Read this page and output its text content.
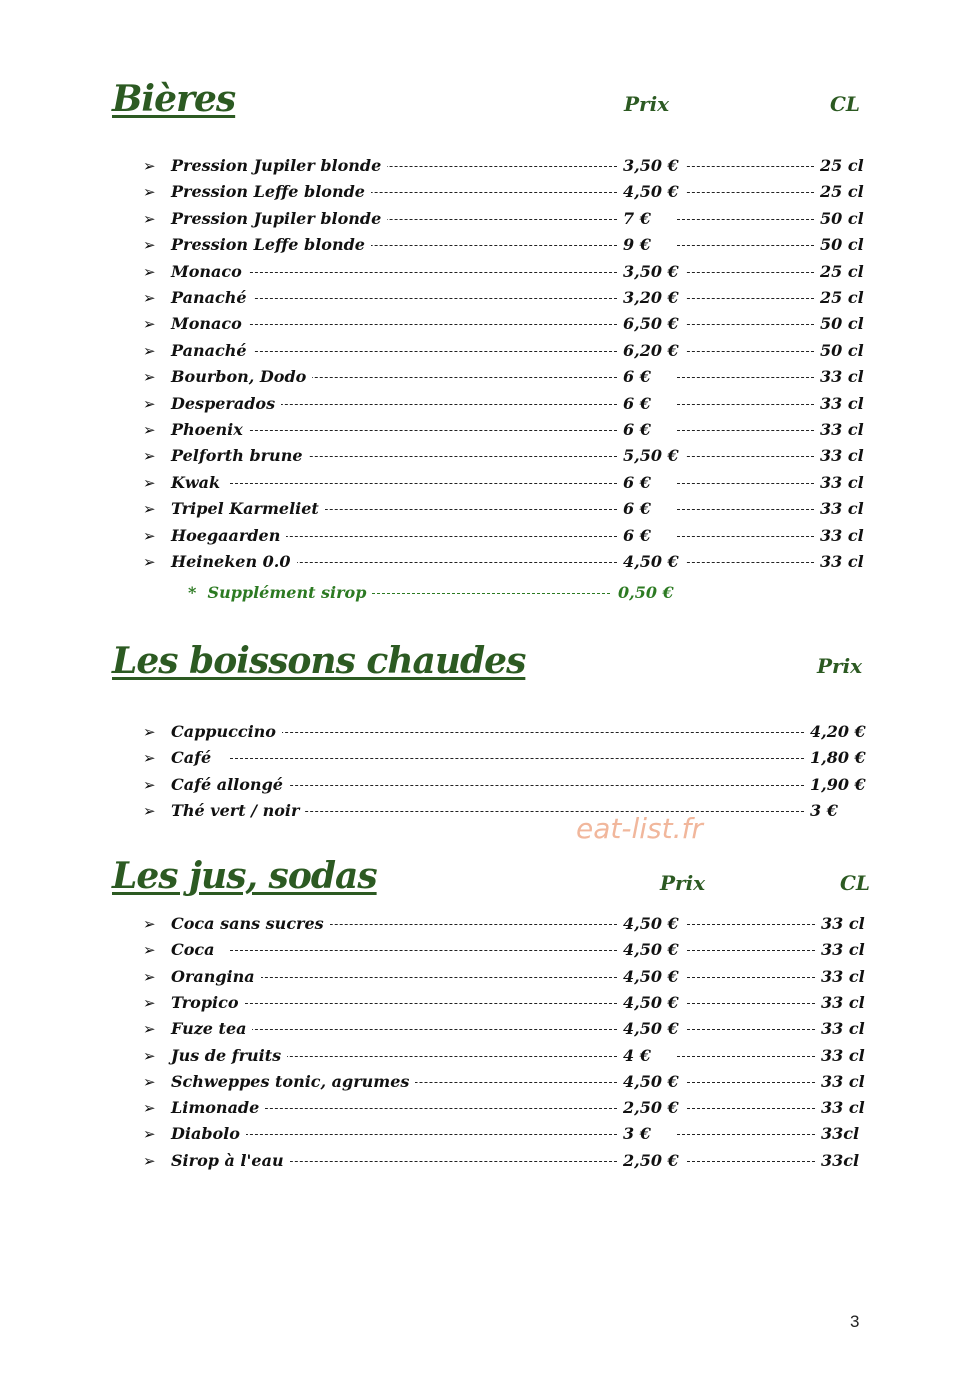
Bières	Prix	CL
➢ Pression Jupiler blonde	3,50 €	25 cl
➢ Pression Leffe blonde	4,50 €	25 cl
➢ Pression Jupiler blonde	7 €	50 cl
➢ Pression Leffe blonde	9 €	50 cl
➢ Monaco	3,50 €	25 cl
➢ Panaché	3,20 €	25 cl
➢ Monaco	6,50 €	50 cl
➢ Panaché	6,20 €	50 cl
➢ Bourbon, Dodo	6 €	33 cl
➢ Desperados	6 €	33 cl
➢ Phoenix	6 €	33 cl
➢ Pelforth brune	5,50 €	33 cl
➢ Kwak	6 €	33 cl
➢ Tripel Karmeliet	6 €	33 cl
➢ Hoegaarden	6 €	33 cl
➢ Heineken 0.0	4,50 €	33 cl
* Supplément sirop	0,50 €
Les boissons chaudes	Prix
➢ Cappuccino	4,20 €
➢ Café	1,80 €
➢ Café allongé	1,90 €
➢ Thé vert / noir	3 €
eat-list.fr
Les jus, sodas	Prix	CL
➢ Coca sans sucres	4,50 €	33 cl
➢ Coca	4,50 €	33 cl
➢ Orangina	4,50 €	33 cl
➢ Tropico	4,50 €	33 cl
➢ Fuze tea	4,50 €	33 cl
➢ Jus de fruits	4 €	33 cl
➢ Schweppes tonic, agrumes	4,50 €	33 cl
➢ Limonade	2,50 €	33 cl
➢ Diabolo	3 €	33cl
➢ Sirop à l'eau	2,50 €	33cl
3
